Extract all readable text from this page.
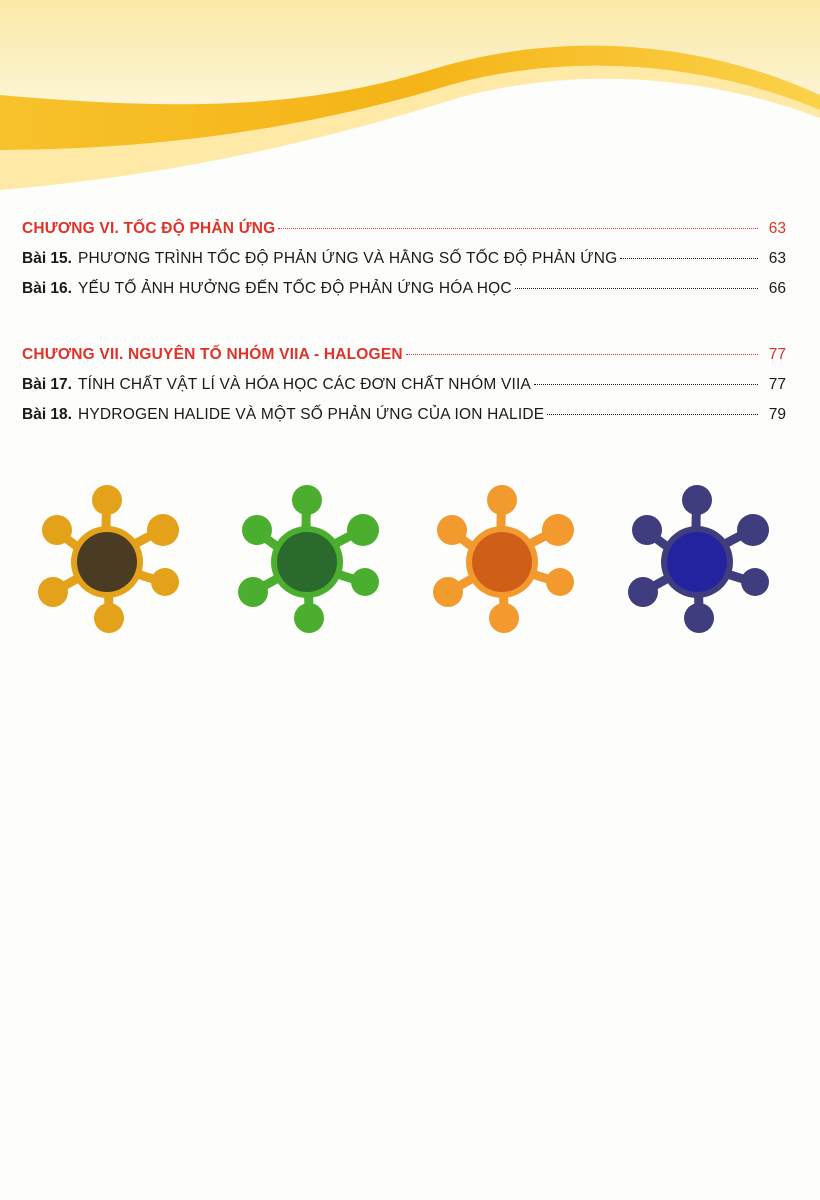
CHƯƠNG VI. TỐC ĐỘ PHẢN ỨNG	63
Bài 15. PHƯƠNG TRÌNH TỐC ĐỘ PHẢN ỨNG VÀ HẰNG SỐ TỐC ĐỘ PHẢN ỨNG	63
Bài 16. YẾU TỐ ẢNH HƯỞNG ĐẾN TỐC ĐỘ PHẢN ỨNG HÓA HỌC	66
CHƯƠNG VII. NGUYÊN TỐ NHÓM VIIA - HALOGEN	77
Bài 17. TÍNH CHẤT VẬT LÍ VÀ HÓA HỌC CÁC ĐƠN CHẤT NHÓM VIIA	77
Bài 18. HYDROGEN HALIDE VÀ MỘT SỐ PHẢN ỨNG CỦA ION HALIDE	79
